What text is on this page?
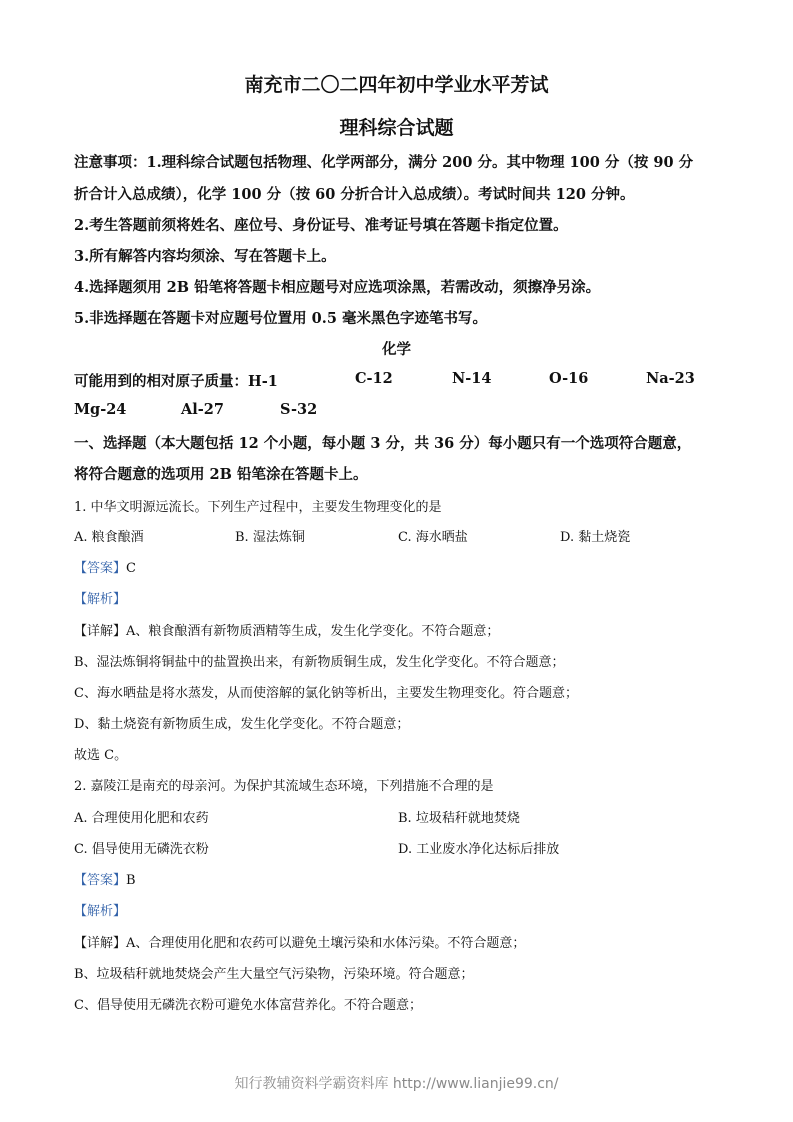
南充市二〇二四年初中学业水平芳试
理科综合试题
注意事项：1.理科综合试题包括物理、化学两部分，满分 200 分。其中物理 100 分（按 90 分
折合计入总成绩），化学 100 分（按 60 分折合计入总成绩）。考试时间共 120 分钟。
2.考生答题前须将姓名、座位号、身份证号、准考证号填在答题卡指定位置。
3.所有解答内容均须涂、写在答题卡上。
4.选择题须用 2B 铅笔将答题卡相应题号对应选项涂黑，若需改动，须擦净另涂。
5.非选择题在答题卡对应题号位置用 0.5 毫米黑色字迹笔书写。
化学
可能用到的相对原子质量：H-1	C-12	N-14	O-16	Na-23
Mg-24	Al-27	S-32
一、选择题（本大题包括 12 个小题，每小题 3 分，共 36 分）每小题只有一个选项符合题意，
将符合题意的选项用 2B 铅笔涂在答题卡上。
1. 中华文明源远流长。下列生产过程中，主要发生物理变化的是
A. 粮食酿酒	B. 湿法炼铜	C. 海水晒盐	D. 黏土烧瓷
【答案】C
【解析】
【详解】A、粮食酿酒有新物质酒精等生成，发生化学变化。不符合题意；
B、湿法炼铜将铜盐中的盐置换出来，有新物质铜生成，发生化学变化。不符合题意；
C、海水晒盐是将水蒸发，从而使溶解的氯化钠等析出，主要发生物理变化。符合题意；
D、黏土烧瓷有新物质生成，发生化学变化。不符合题意；
故选 C。
2. 嘉陵江是南充的母亲河。为保护其流域生态环境，下列措施不合理的是
A. 合理使用化肥和农药	B. 垃圾秸秆就地焚烧
C. 倡导使用无磷洗衣粉	D. 工业废水净化达标后排放
【答案】B
【解析】
【详解】A、合理使用化肥和农药可以避免土壤污染和水体污染。不符合题意；
B、垃圾秸秆就地焚烧会产生大量空气污染物，污染环境。符合题意；
C、倡导使用无磷洗衣粉可避免水体富营养化。不符合题意；
知行教辅资料学霸资料库 http://www.lianjie99.cn/
